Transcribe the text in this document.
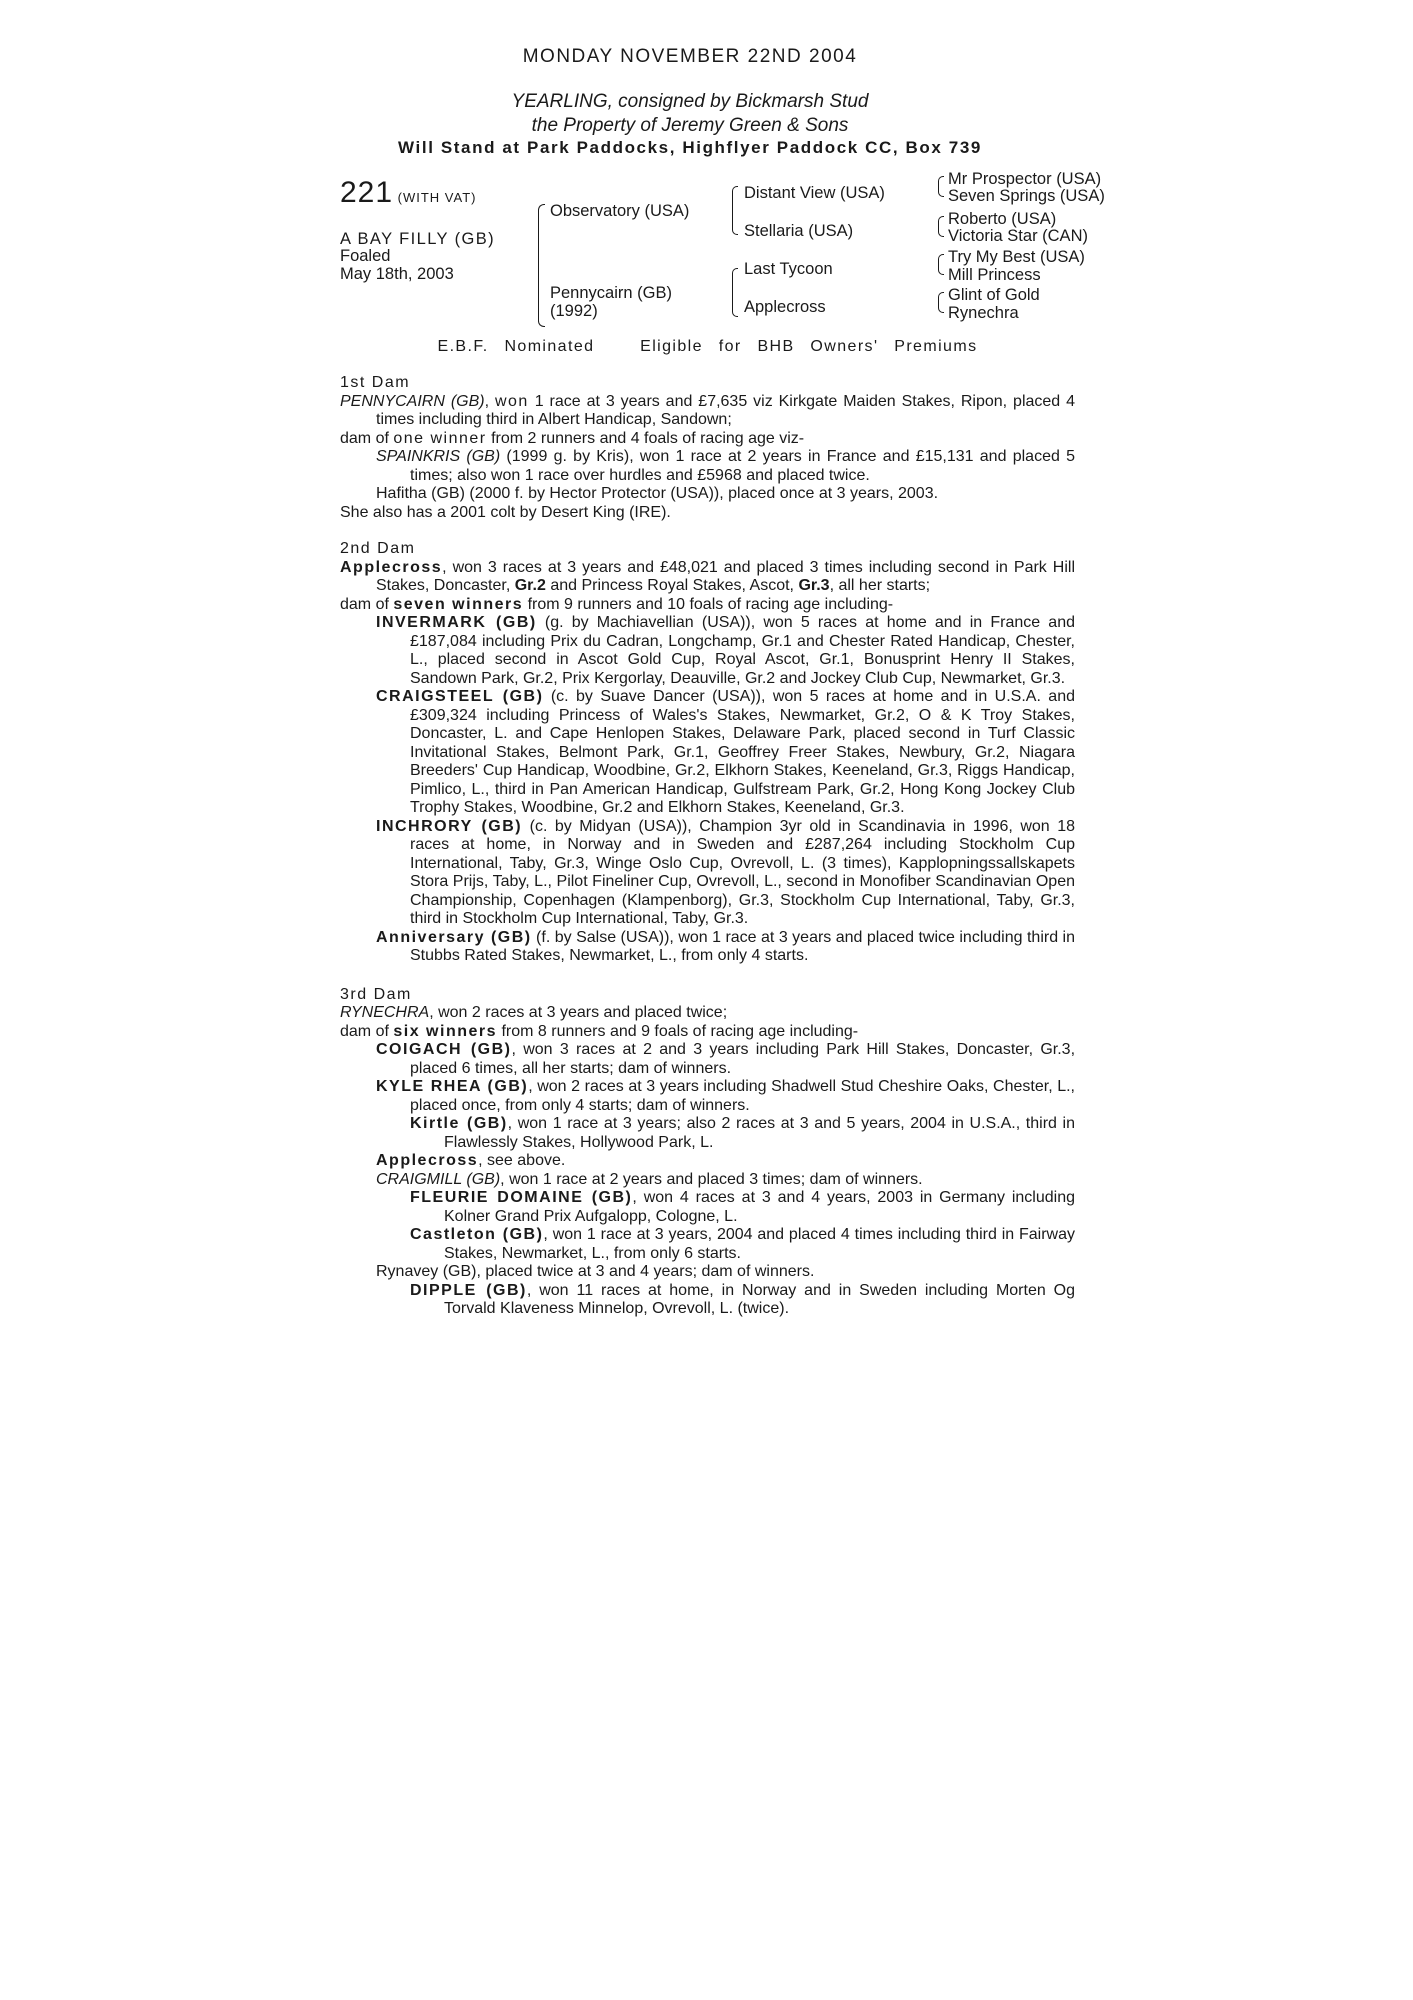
MONDAY NOVEMBER 22ND 2004
YEARLING, consigned by Bickmarsh Stud
the Property of Jeremy Green & Sons
Will Stand at Park Paddocks, Highflyer Paddock CC, Box 739
221 (WITH VAT)
A BAY FILLY (GB)
Foaled
May 18th, 2003
Observatory (USA)
Pennycairn (GB)
(1992)
Distant View (USA)
Stellaria (USA)
Last Tycoon
Applecross
Mr Prospector (USA)
Seven Springs (USA)
Roberto (USA)
Victoria Star (CAN)
Try My Best (USA)
Mill Princess
Glint of Gold
Rynechra
E.B.F. Nominated	Eligible for BHB Owners' Premiums
1st Dam
PENNYCAIRN (GB), won 1 race at 3 years and £7,635 viz Kirkgate Maiden Stakes, Ripon, placed 4 times including third in Albert Handicap, Sandown;
dam of one winner from 2 runners and 4 foals of racing age viz-
SPAINKRIS (GB) (1999 g. by Kris), won 1 race at 2 years in France and £15,131 and placed 5 times; also won 1 race over hurdles and £5968 and placed twice.
Hafitha (GB) (2000 f. by Hector Protector (USA)), placed once at 3 years, 2003.
She also has a 2001 colt by Desert King (IRE).
2nd Dam
Applecross, won 3 races at 3 years and £48,021 and placed 3 times including second in Park Hill Stakes, Doncaster, Gr.2 and Princess Royal Stakes, Ascot, Gr.3, all her starts;
dam of seven winners from 9 runners and 10 foals of racing age including-
INVERMARK (GB) (g. by Machiavellian (USA)), won 5 races at home and in France and £187,084 including Prix du Cadran, Longchamp, Gr.1 and Chester Rated Handicap, Chester, L., placed second in Ascot Gold Cup, Royal Ascot, Gr.1, Bonusprint Henry II Stakes, Sandown Park, Gr.2, Prix Kergorlay, Deauville, Gr.2 and Jockey Club Cup, Newmarket, Gr.3.
CRAIGSTEEL (GB) (c. by Suave Dancer (USA)), won 5 races at home and in U.S.A. and £309,324 including Princess of Wales's Stakes, Newmarket, Gr.2, O & K Troy Stakes, Doncaster, L. and Cape Henlopen Stakes, Delaware Park, placed second in Turf Classic Invitational Stakes, Belmont Park, Gr.1, Geoffrey Freer Stakes, Newbury, Gr.2, Niagara Breeders' Cup Handicap, Woodbine, Gr.2, Elkhorn Stakes, Keeneland, Gr.3, Riggs Handicap, Pimlico, L., third in Pan American Handicap, Gulfstream Park, Gr.2, Hong Kong Jockey Club Trophy Stakes, Woodbine, Gr.2 and Elkhorn Stakes, Keeneland, Gr.3.
INCHRORY (GB) (c. by Midyan (USA)), Champion 3yr old in Scandinavia in 1996, won 18 races at home, in Norway and in Sweden and £287,264 including Stockholm Cup International, Taby, Gr.3, Winge Oslo Cup, Ovrevoll, L. (3 times), Kapplopningssallskapets Stora Prijs, Taby, L., Pilot Fineliner Cup, Ovrevoll, L., second in Monofiber Scandinavian Open Championship, Copenhagen (Klampenborg), Gr.3, Stockholm Cup International, Taby, Gr.3, third in Stockholm Cup International, Taby, Gr.3.
Anniversary (GB) (f. by Salse (USA)), won 1 race at 3 years and placed twice including third in Stubbs Rated Stakes, Newmarket, L., from only 4 starts.
3rd Dam
RYNECHRA, won 2 races at 3 years and placed twice;
dam of six winners from 8 runners and 9 foals of racing age including-
COIGACH (GB), won 3 races at 2 and 3 years including Park Hill Stakes, Doncaster, Gr.3, placed 6 times, all her starts; dam of winners.
KYLE RHEA (GB), won 2 races at 3 years including Shadwell Stud Cheshire Oaks, Chester, L., placed once, from only 4 starts; dam of winners.
Kirtle (GB), won 1 race at 3 years; also 2 races at 3 and 5 years, 2004 in U.S.A., third in Flawlessly Stakes, Hollywood Park, L.
Applecross, see above.
CRAIGMILL (GB), won 1 race at 2 years and placed 3 times; dam of winners.
FLEURIE DOMAINE (GB), won 4 races at 3 and 4 years, 2003 in Germany including Kolner Grand Prix Aufgalopp, Cologne, L.
Castleton (GB), won 1 race at 3 years, 2004 and placed 4 times including third in Fairway Stakes, Newmarket, L., from only 6 starts.
Rynavey (GB), placed twice at 3 and 4 years; dam of winners.
DIPPLE (GB), won 11 races at home, in Norway and in Sweden including Morten Og Torvald Klaveness Minnelop, Ovrevoll, L. (twice).
